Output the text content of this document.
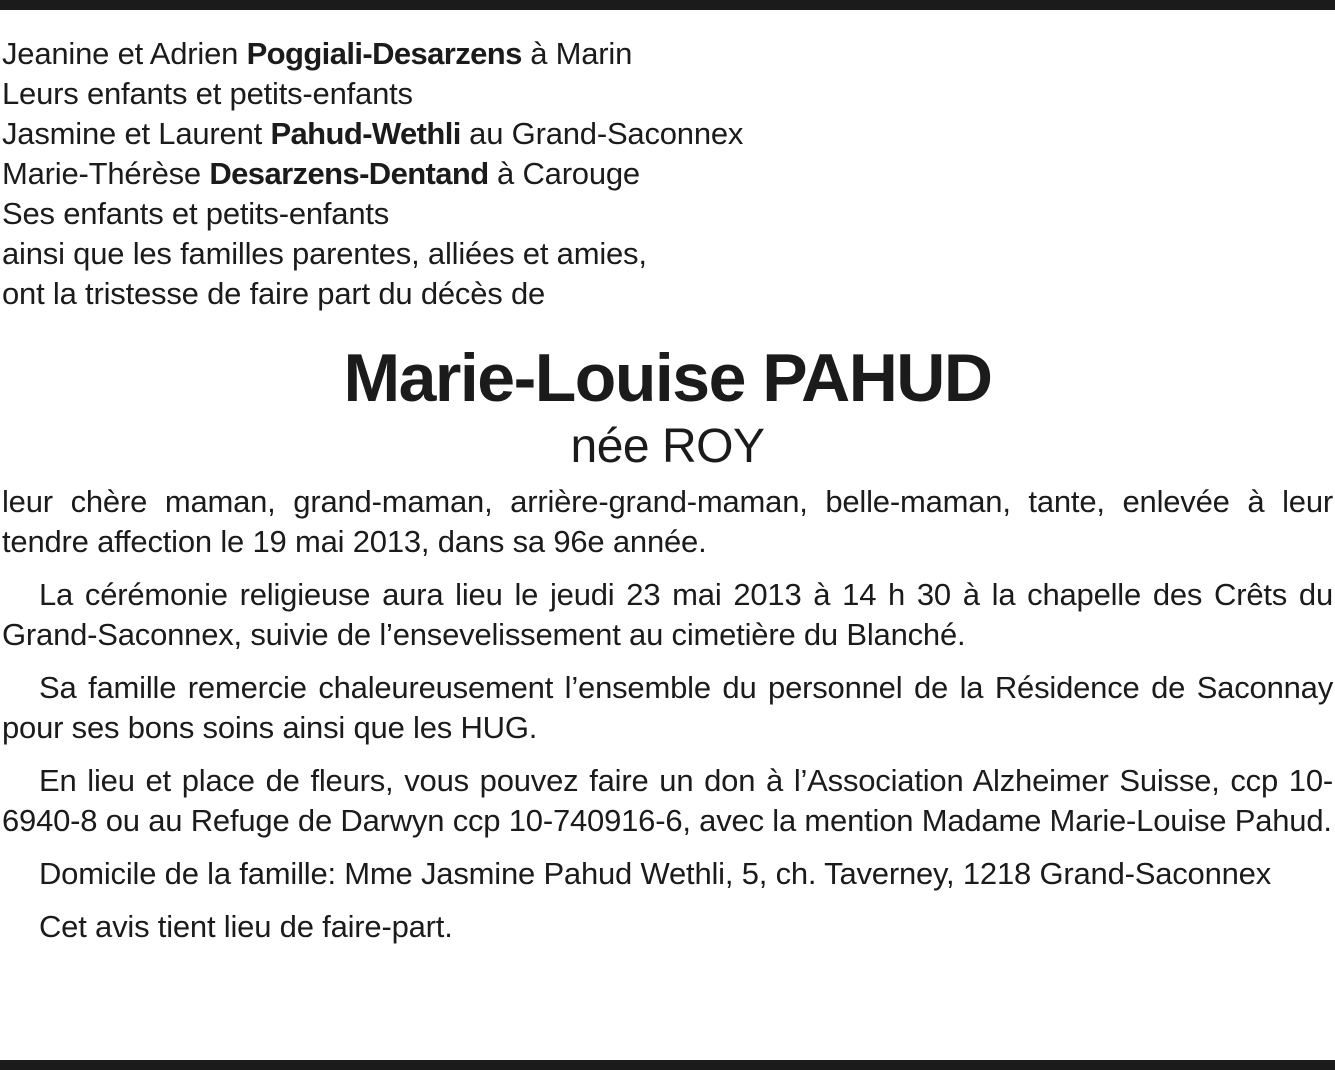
Jeanine et Adrien Poggiali-Desarzens à Marin
Leurs enfants et petits-enfants
Jasmine et Laurent Pahud-Wethli au Grand-Saconnex
Marie-Thérèse Desarzens-Dentand à Carouge
Ses enfants et petits-enfants
ainsi que les familles parentes, alliées et amies,
ont la tristesse de faire part du décès de
Marie-Louise PAHUD
née ROY

leur chère maman, grand-maman, arrière-grand-maman, belle-maman, tante, enlevée à leur tendre affection le 19 mai 2013, dans sa 96e année.

La cérémonie religieuse aura lieu le jeudi 23 mai 2013 à 14 h 30 à la chapelle des Crêts du Grand-Saconnex, suivie de l’ensevelissement au cimetière du Blanché.

Sa famille remercie chaleureusement l’ensemble du personnel de la Résidence de Saconnay pour ses bons soins ainsi que les HUG.

En lieu et place de fleurs, vous pouvez faire un don à l’Association Alzheimer Suisse, ccp 10-6940-8 ou au Refuge de Darwyn ccp 10-740916-6, avec la mention Madame Marie-Louise Pahud.

Domicile de la famille: Mme Jasmine Pahud Wethli, 5, ch. Taverney, 1218 Grand-Saconnex

Cet avis tient lieu de faire-part.
